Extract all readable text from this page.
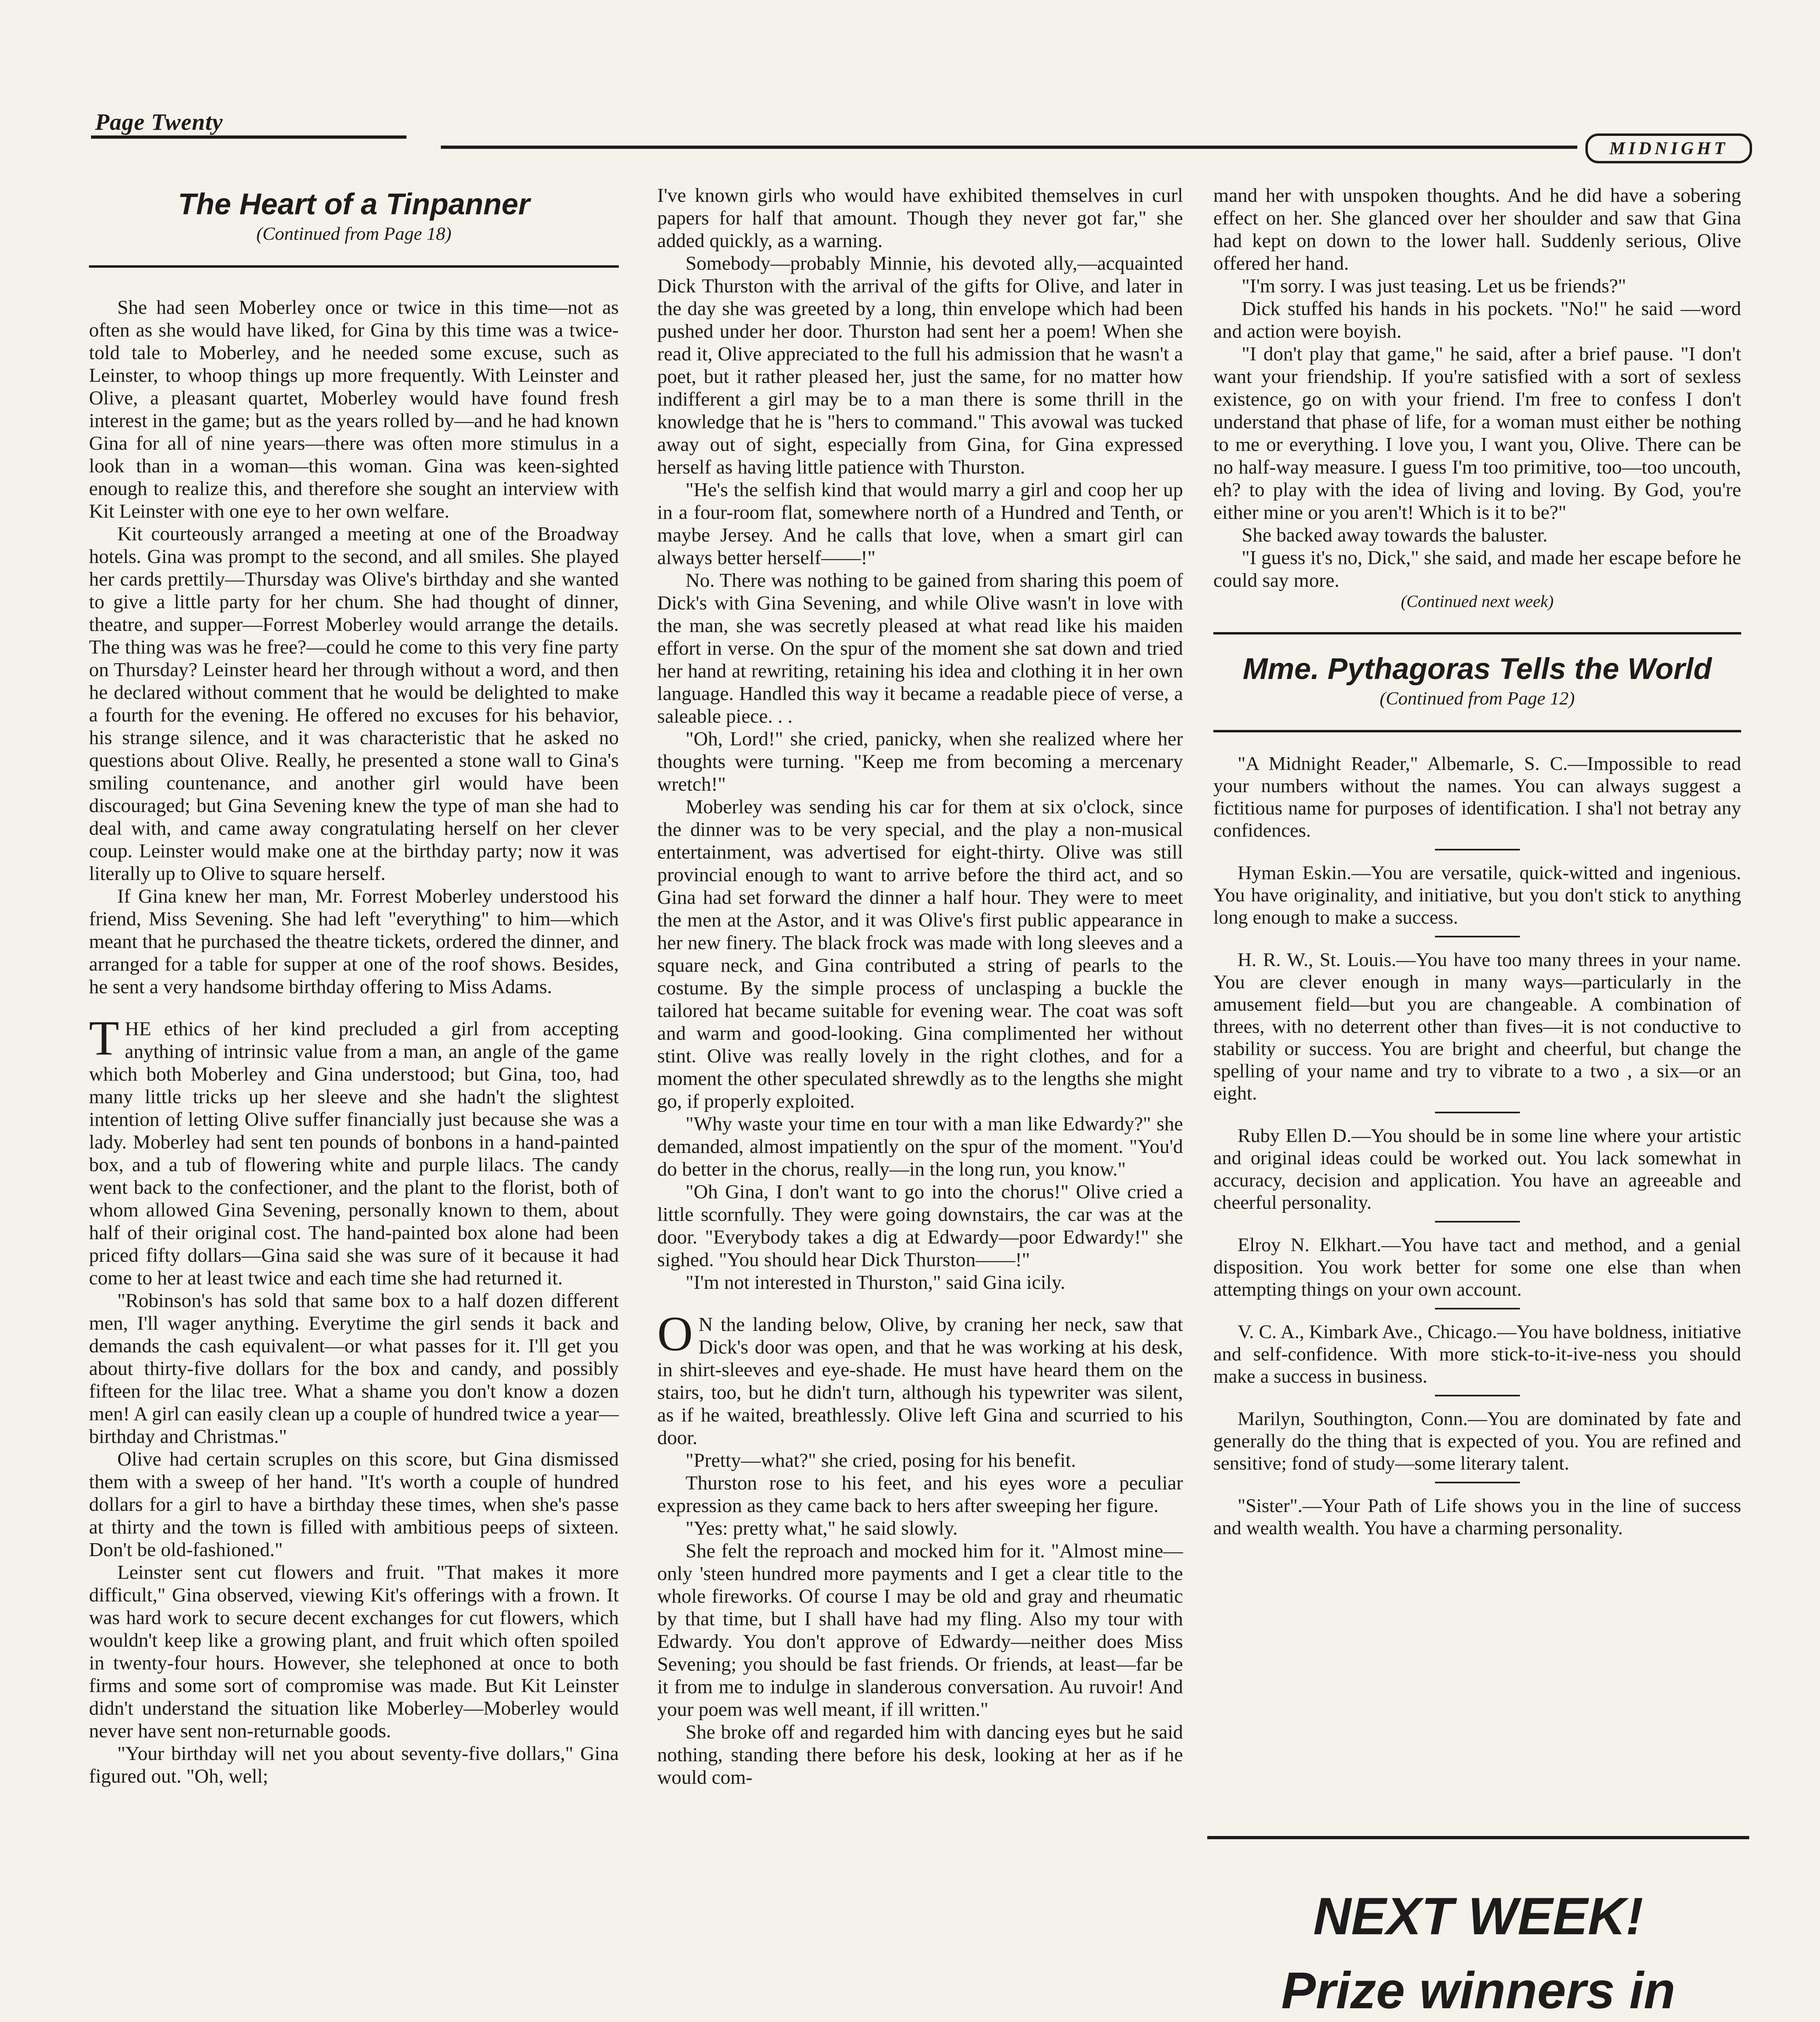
Page Twenty
MIDNIGHT
The Heart of a Tinpanner
(Continued from Page 18)

She had seen Moberley once or twice in this time—not as often as she would have liked, for Gina by this time was a twice-told tale to Moberley, and he needed some excuse, such as Leinster, to whoop things up more frequently. With Leinster and Olive, a pleasant quartet, Moberley would have found fresh interest in the game; but as the years rolled by—and he had known Gina for all of nine years—there was often more stimulus in a look than in a woman—this woman. Gina was keen-sighted enough to realize this, and therefore she sought an interview with Kit Leinster with one eye to her own welfare.

Kit courteously arranged a meeting at one of the Broadway hotels. Gina was prompt to the second, and all smiles. She played her cards prettily—Thursday was Olive's birthday and she wanted to give a little party for her chum. She had thought of dinner, theatre, and supper—Forrest Moberley would arrange the details. The thing was was he free?—could he come to this very fine party on Thursday? Leinster heard her through without a word, and then he declared without comment that he would be delighted to make a fourth for the evening. He offered no excuses for his behavior, his strange silence, and it was characteristic that he asked no questions about Olive. Really, he presented a stone wall to Gina's smiling countenance, and another girl would have been discouraged; but Gina Sevening knew the type of man she had to deal with, and came away congratulating herself on her clever coup. Leinster would make one at the birthday party; now it was literally up to Olive to square herself.

If Gina knew her man, Mr. Forrest Moberley understood his friend, Miss Sevening. She had left "everything" to him—which meant that he purchased the theatre tickets, ordered the dinner, and arranged for a table for supper at one of the roof shows. Besides, he sent a very handsome birthday offering to Miss Adams.

THE ethics of her kind precluded a girl from accepting anything of intrinsic value from a man, an angle of the game which both Moberley and Gina understood; but Gina, too, had many little tricks up her sleeve and she hadn't the slightest intention of letting Olive suffer financially just because she was a lady. Moberley had sent ten pounds of bonbons in a hand-painted box, and a tub of flowering white and purple lilacs. The candy went back to the confectioner, and the plant to the florist, both of whom allowed Gina Sevening, personally known to them, about half of their original cost. The hand-painted box alone had been priced fifty dollars—Gina said she was sure of it because it had come to her at least twice and each time she had returned it.

"Robinson's has sold that same box to a half dozen different men, I'll wager anything. Everytime the girl sends it back and demands the cash equivalent—or what passes for it. I'll get you about thirty-five dollars for the box and candy, and possibly fifteen for the lilac tree. What a shame you don't know a dozen men! A girl can easily clean up a couple of hundred twice a year—birthday and Christmas."

Olive had certain scruples on this score, but Gina dismissed them with a sweep of her hand. "It's worth a couple of hundred dollars for a girl to have a birthday these times, when she's passe at thirty and the town is filled with ambitious peeps of sixteen. Don't be old-fashioned."

Leinster sent cut flowers and fruit. "That makes it more difficult," Gina observed, viewing Kit's offerings with a frown. It was hard work to secure decent exchanges for cut flowers, which wouldn't keep like a growing plant, and fruit which often spoiled in twenty-four hours. However, she telephoned at once to both firms and some sort of compromise was made. But Kit Leinster didn't understand the situation like Moberley—Moberley would never have sent non-returnable goods.

"Your birthday will net you about seventy-five dollars," Gina figured out. "Oh, well;

I've known girls who would have exhibited themselves in curl papers for half that amount. Though they never got far," she added quickly, as a warning.

Somebody—probably Minnie, his devoted ally,—acquainted Dick Thurston with the arrival of the gifts for Olive, and later in the day she was greeted by a long, thin envelope which had been pushed under her door. Thurston had sent her a poem! When she read it, Olive appreciated to the full his admission that he wasn't a poet, but it rather pleased her, just the same, for no matter how indifferent a girl may be to a man there is some thrill in the knowledge that he is "hers to command." This avowal was tucked away out of sight, especially from Gina, for Gina expressed herself as having little patience with Thurston.

"He's the selfish kind that would marry a girl and coop her up in a four-room flat, somewhere north of a Hundred and Tenth, or maybe Jersey. And he calls that love, when a smart girl can always better herself——!"

No. There was nothing to be gained from sharing this poem of Dick's with Gina Sevening, and while Olive wasn't in love with the man, she was secretly pleased at what read like his maiden effort in verse. On the spur of the moment she sat down and tried her hand at rewriting, retaining his idea and clothing it in her own language. Handled this way it became a readable piece of verse, a saleable piece. . .

"Oh, Lord!" she cried, panicky, when she realized where her thoughts were turning. "Keep me from becoming a mercenary wretch!"

Moberley was sending his car for them at six o'clock, since the dinner was to be very special, and the play a non-musical entertainment, was advertised for eight-thirty. Olive was still provincial enough to want to arrive before the third act, and so Gina had set forward the dinner a half hour. They were to meet the men at the Astor, and it was Olive's first public appearance in her new finery. The black frock was made with long sleeves and a square neck, and Gina contributed a string of pearls to the costume. By the simple process of unclasping a buckle the tailored hat became suitable for evening wear. The coat was soft and warm and good-looking. Gina complimented her without stint. Olive was really lovely in the right clothes, and for a moment the other speculated shrewdly as to the lengths she might go, if properly exploited.

"Why waste your time en tour with a man like Edwardy?" she demanded, almost impatiently on the spur of the moment. "You'd do better in the chorus, really—in the long run, you know."

"Oh Gina, I don't want to go into the chorus!" Olive cried a little scornfully. They were going downstairs, the car was at the door. "Everybody takes a dig at Edwardy—poor Edwardy!" she sighed. "You should hear Dick Thurston——!"

"I'm not interested in Thurston," said Gina icily.

O N the landing below, Olive, by craning her neck, saw that Dick's door was open, and that he was working at his desk, in shirt-sleeves and eye-shade. He must have heard them on the stairs, too, but he didn't turn, although his typewriter was silent, as if he waited, breathlessly. Olive left Gina and scurried to his door.

"Pretty—what?" she cried, posing for his benefit.

Thurston rose to his feet, and his eyes wore a peculiar expression as they came back to hers after sweeping her figure.

"Yes: pretty what," he said slowly.

She felt the reproach and mocked him for it. "Almost mine—only 'steen hundred more payments and I get a clear title to the whole fireworks. Of course I may be old and gray and rheumatic by that time, but I shall have had my fling. Also my tour with Edwardy. You don't approve of Edwardy—neither does Miss Sevening; you should be fast friends. Or friends, at least—far be it from me to indulge in slanderous conversation. Au ruvoir! And your poem was well meant, if ill written."

She broke off and regarded him with dancing eyes but he said nothing, standing there before his desk, looking at her as if he would com-

mand her with unspoken thoughts. And he did have a sobering effect on her. She glanced over her shoulder and saw that Gina had kept on down to the lower hall. Suddenly serious, Olive offered her hand.

"I'm sorry. I was just teasing. Let us be friends?"

Dick stuffed his hands in his pockets. "No!" he said —word and action were boyish.

"I don't play that game," he said, after a brief pause. "I don't want your friendship. If you're satisfied with a sort of sexless existence, go on with your friend. I'm free to confess I don't understand that phase of life, for a woman must either be nothing to me or everything. I love you, I want you, Olive. There can be no half-way measure. I guess I'm too primitive, too—too uncouth, eh? to play with the idea of living and loving. By God, you're either mine or you aren't! Which is it to be?"

She backed away towards the baluster.

"I guess it's no, Dick," she said, and made her escape before he could say more.

(Continued next week)
Mme. Pythagoras Tells the World
(Continued from Page 12)

"A Midnight Reader," Albemarle, S. C.—Impossible to read your numbers without the names. You can always suggest a fictitious name for purposes of identification. I sha'l not betray any confidences.

Hyman Eskin.—You are versatile, quick-witted and ingenious. You have originality, and initiative, but you don't stick to anything long enough to make a success.

H. R. W., St. Louis.—You have too many threes in your name. You are clever enough in many ways—particularly in the amusement field—but you are changeable. A combination of threes, with no deterrent other than fives—it is not conductive to stability or success. You are bright and cheerful, but change the spelling of your name and try to vibrate to a two , a six—or an eight.

Ruby Ellen D.—You should be in some line where your artistic and original ideas could be worked out. You lack somewhat in accuracy, decision and application. You have an agreeable and cheerful personality.

Elroy N. Elkhart.—You have tact and method, and a genial disposition. You work better for some one else than when attempting things on your own account.

V. C. A., Kimbark Ave., Chicago.—You have boldness, initiative and self-confidence. With more stick-to-it-ive-ness you should make a success in business.

Marilyn, Southington, Conn.—You are dominated by fate and generally do the thing that is expected of you. You are refined and sensitive; fond of study—some literary talent.

"Sister".—Your Path of Life shows you in the line of success and wealth wealth. You have a charming personality.

NEXT WEEK!
Prize winners in
